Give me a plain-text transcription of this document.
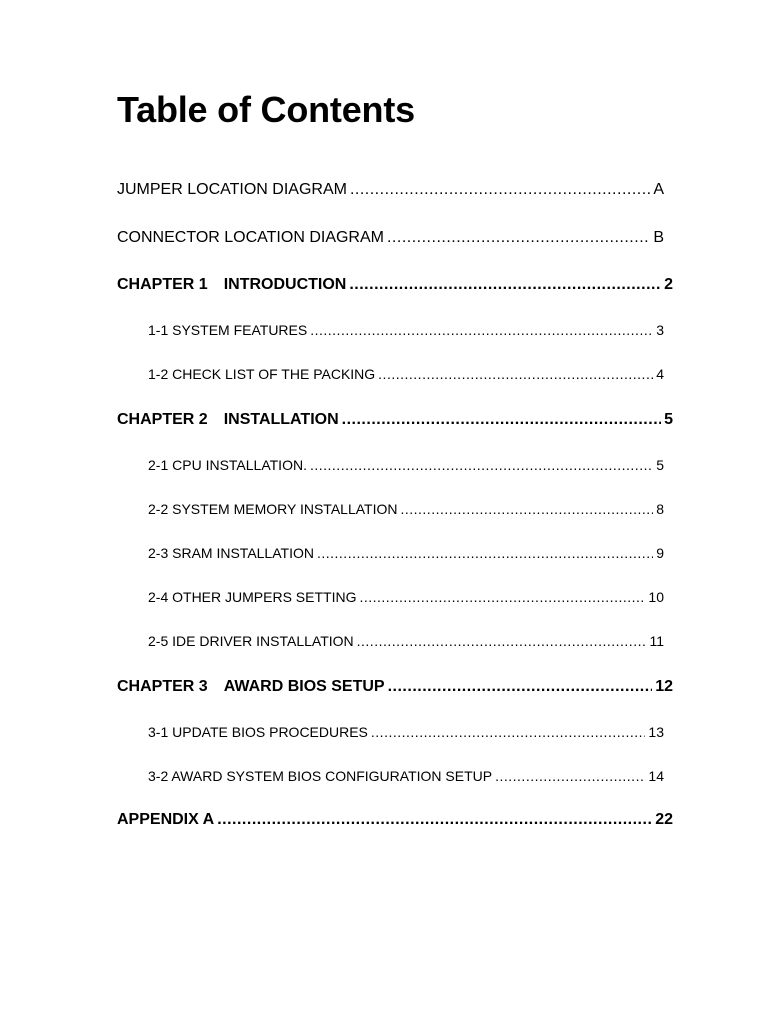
Table of Contents
JUMPER LOCATION DIAGRAM .....	A
CONNECTOR LOCATION DIAGRAM .....	B
CHAPTER 1 INTRODUCTION .....	2
1-1 SYSTEM FEATURES .....	3
1-2 CHECK LIST OF THE PACKING .....	4
CHAPTER 2 INSTALLATION .....	5
2-1 CPU INSTALLATION. .....	5
2-2 SYSTEM MEMORY INSTALLATION .....	8
2-3 SRAM INSTALLATION .....	9
2-4 OTHER JUMPERS SETTING .....	10
2-5 IDE DRIVER INSTALLATION .....	11
CHAPTER 3 AWARD BIOS SETUP .....	12
3-1 UPDATE BIOS PROCEDURES .....	13
3-2 AWARD SYSTEM BIOS CONFIGURATION SETUP .....	14
APPENDIX A .....	22
